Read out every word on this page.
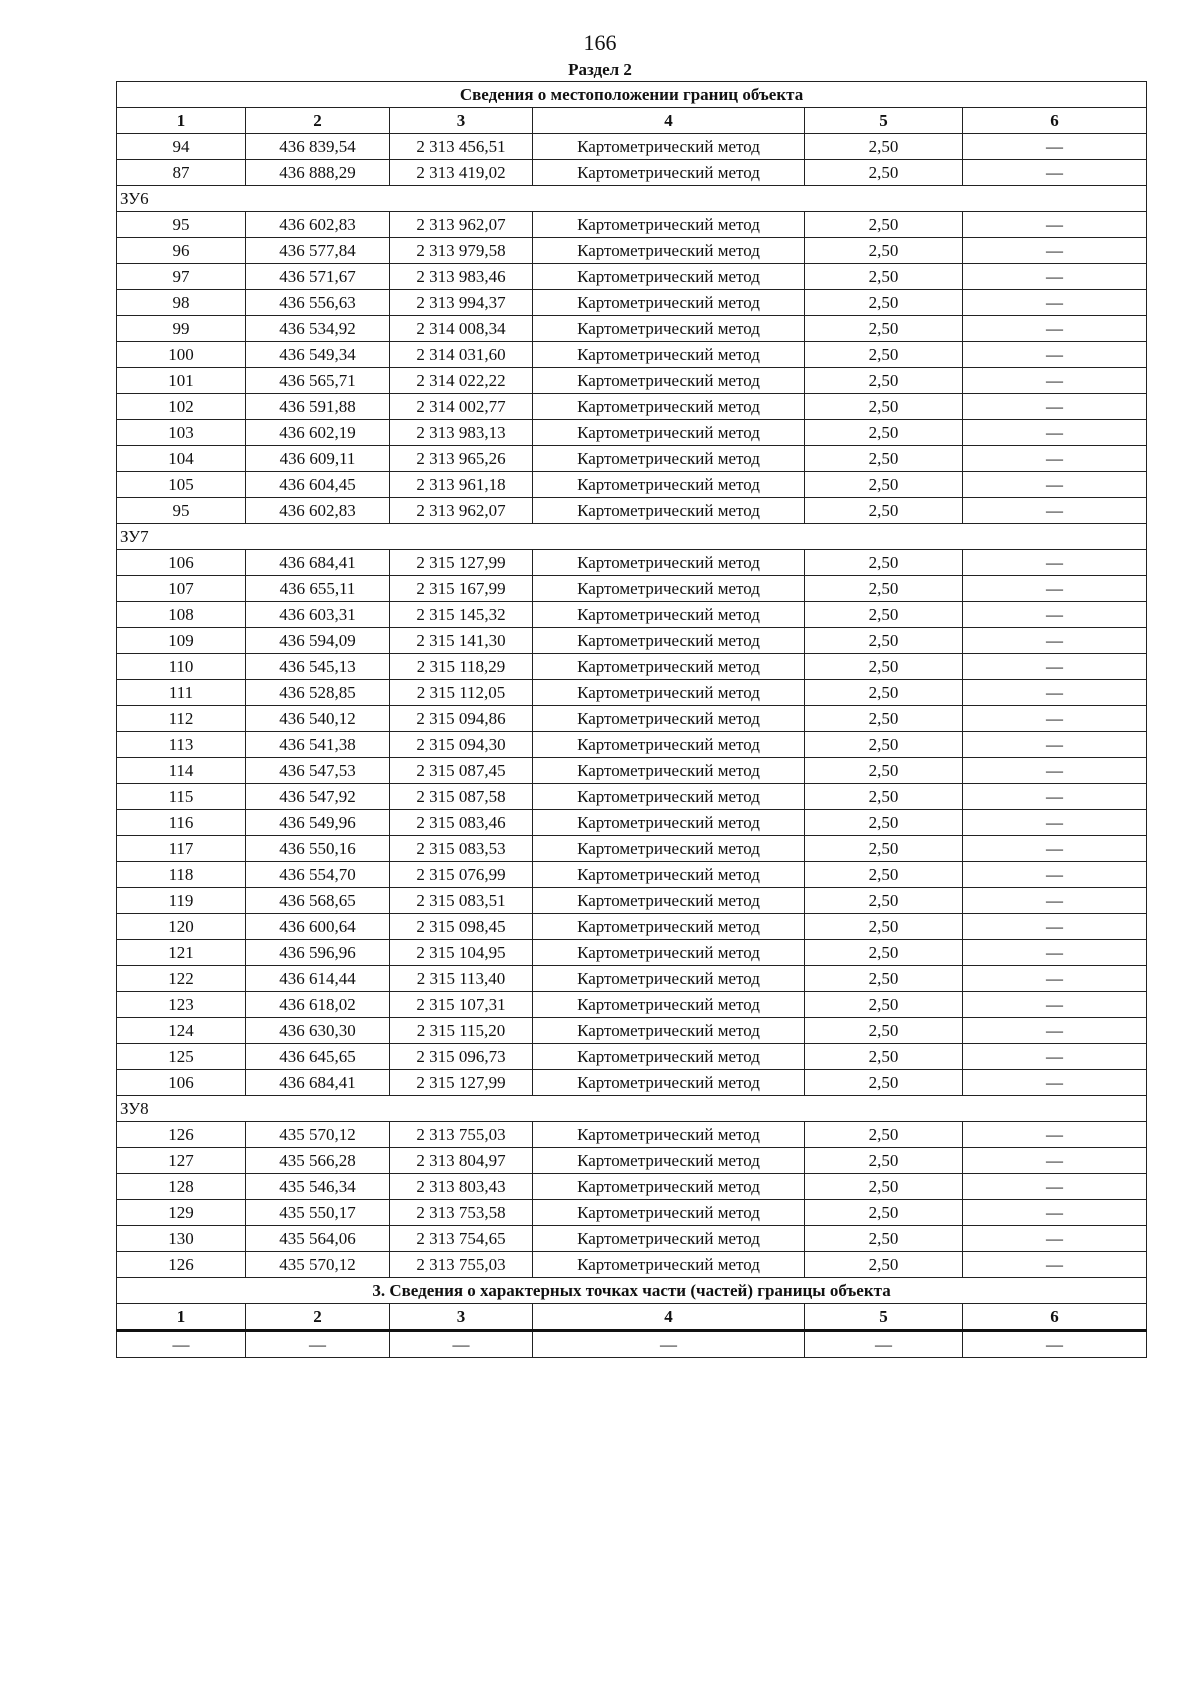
166
Раздел 2
Сведения о местоположении границ объекта					
1	2	3	4	5	6
94	436 839,54	2 313 456,51	Картометрический метод	2,50	—
87	436 888,29	2 313 419,02	Картометрический метод	2,50	—
ЗУ6					
95	436 602,83	2 313 962,07	Картометрический метод	2,50	—
96	436 577,84	2 313 979,58	Картометрический метод	2,50	—
97	436 571,67	2 313 983,46	Картометрический метод	2,50	—
98	436 556,63	2 313 994,37	Картометрический метод	2,50	—
99	436 534,92	2 314 008,34	Картометрический метод	2,50	—
100	436 549,34	2 314 031,60	Картометрический метод	2,50	—
101	436 565,71	2 314 022,22	Картометрический метод	2,50	—
102	436 591,88	2 314 002,77	Картометрический метод	2,50	—
103	436 602,19	2 313 983,13	Картометрический метод	2,50	—
104	436 609,11	2 313 965,26	Картометрический метод	2,50	—
105	436 604,45	2 313 961,18	Картометрический метод	2,50	—
95	436 602,83	2 313 962,07	Картометрический метод	2,50	—
ЗУ7					
106	436 684,41	2 315 127,99	Картометрический метод	2,50	—
107	436 655,11	2 315 167,99	Картометрический метод	2,50	—
108	436 603,31	2 315 145,32	Картометрический метод	2,50	—
109	436 594,09	2 315 141,30	Картометрический метод	2,50	—
110	436 545,13	2 315 118,29	Картометрический метод	2,50	—
111	436 528,85	2 315 112,05	Картометрический метод	2,50	—
112	436 540,12	2 315 094,86	Картометрический метод	2,50	—
113	436 541,38	2 315 094,30	Картометрический метод	2,50	—
114	436 547,53	2 315 087,45	Картометрический метод	2,50	—
115	436 547,92	2 315 087,58	Картометрический метод	2,50	—
116	436 549,96	2 315 083,46	Картометрический метод	2,50	—
117	436 550,16	2 315 083,53	Картометрический метод	2,50	—
118	436 554,70	2 315 076,99	Картометрический метод	2,50	—
119	436 568,65	2 315 083,51	Картометрический метод	2,50	—
120	436 600,64	2 315 098,45	Картометрический метод	2,50	—
121	436 596,96	2 315 104,95	Картометрический метод	2,50	—
122	436 614,44	2 315 113,40	Картометрический метод	2,50	—
123	436 618,02	2 315 107,31	Картометрический метод	2,50	—
124	436 630,30	2 315 115,20	Картометрический метод	2,50	—
125	436 645,65	2 315 096,73	Картометрический метод	2,50	—
106	436 684,41	2 315 127,99	Картометрический метод	2,50	—
ЗУ8					
126	435 570,12	2 313 755,03	Картометрический метод	2,50	—
127	435 566,28	2 313 804,97	Картометрический метод	2,50	—
128	435 546,34	2 313 803,43	Картометрический метод	2,50	—
129	435 550,17	2 313 753,58	Картометрический метод	2,50	—
130	435 564,06	2 313 754,65	Картометрический метод	2,50	—
126	435 570,12	2 313 755,03	Картометрический метод	2,50	—
3. Сведения о характерных точках части (частей) границы объекта					
1	2	3	4	5	6
—	—	—	—	—	—
